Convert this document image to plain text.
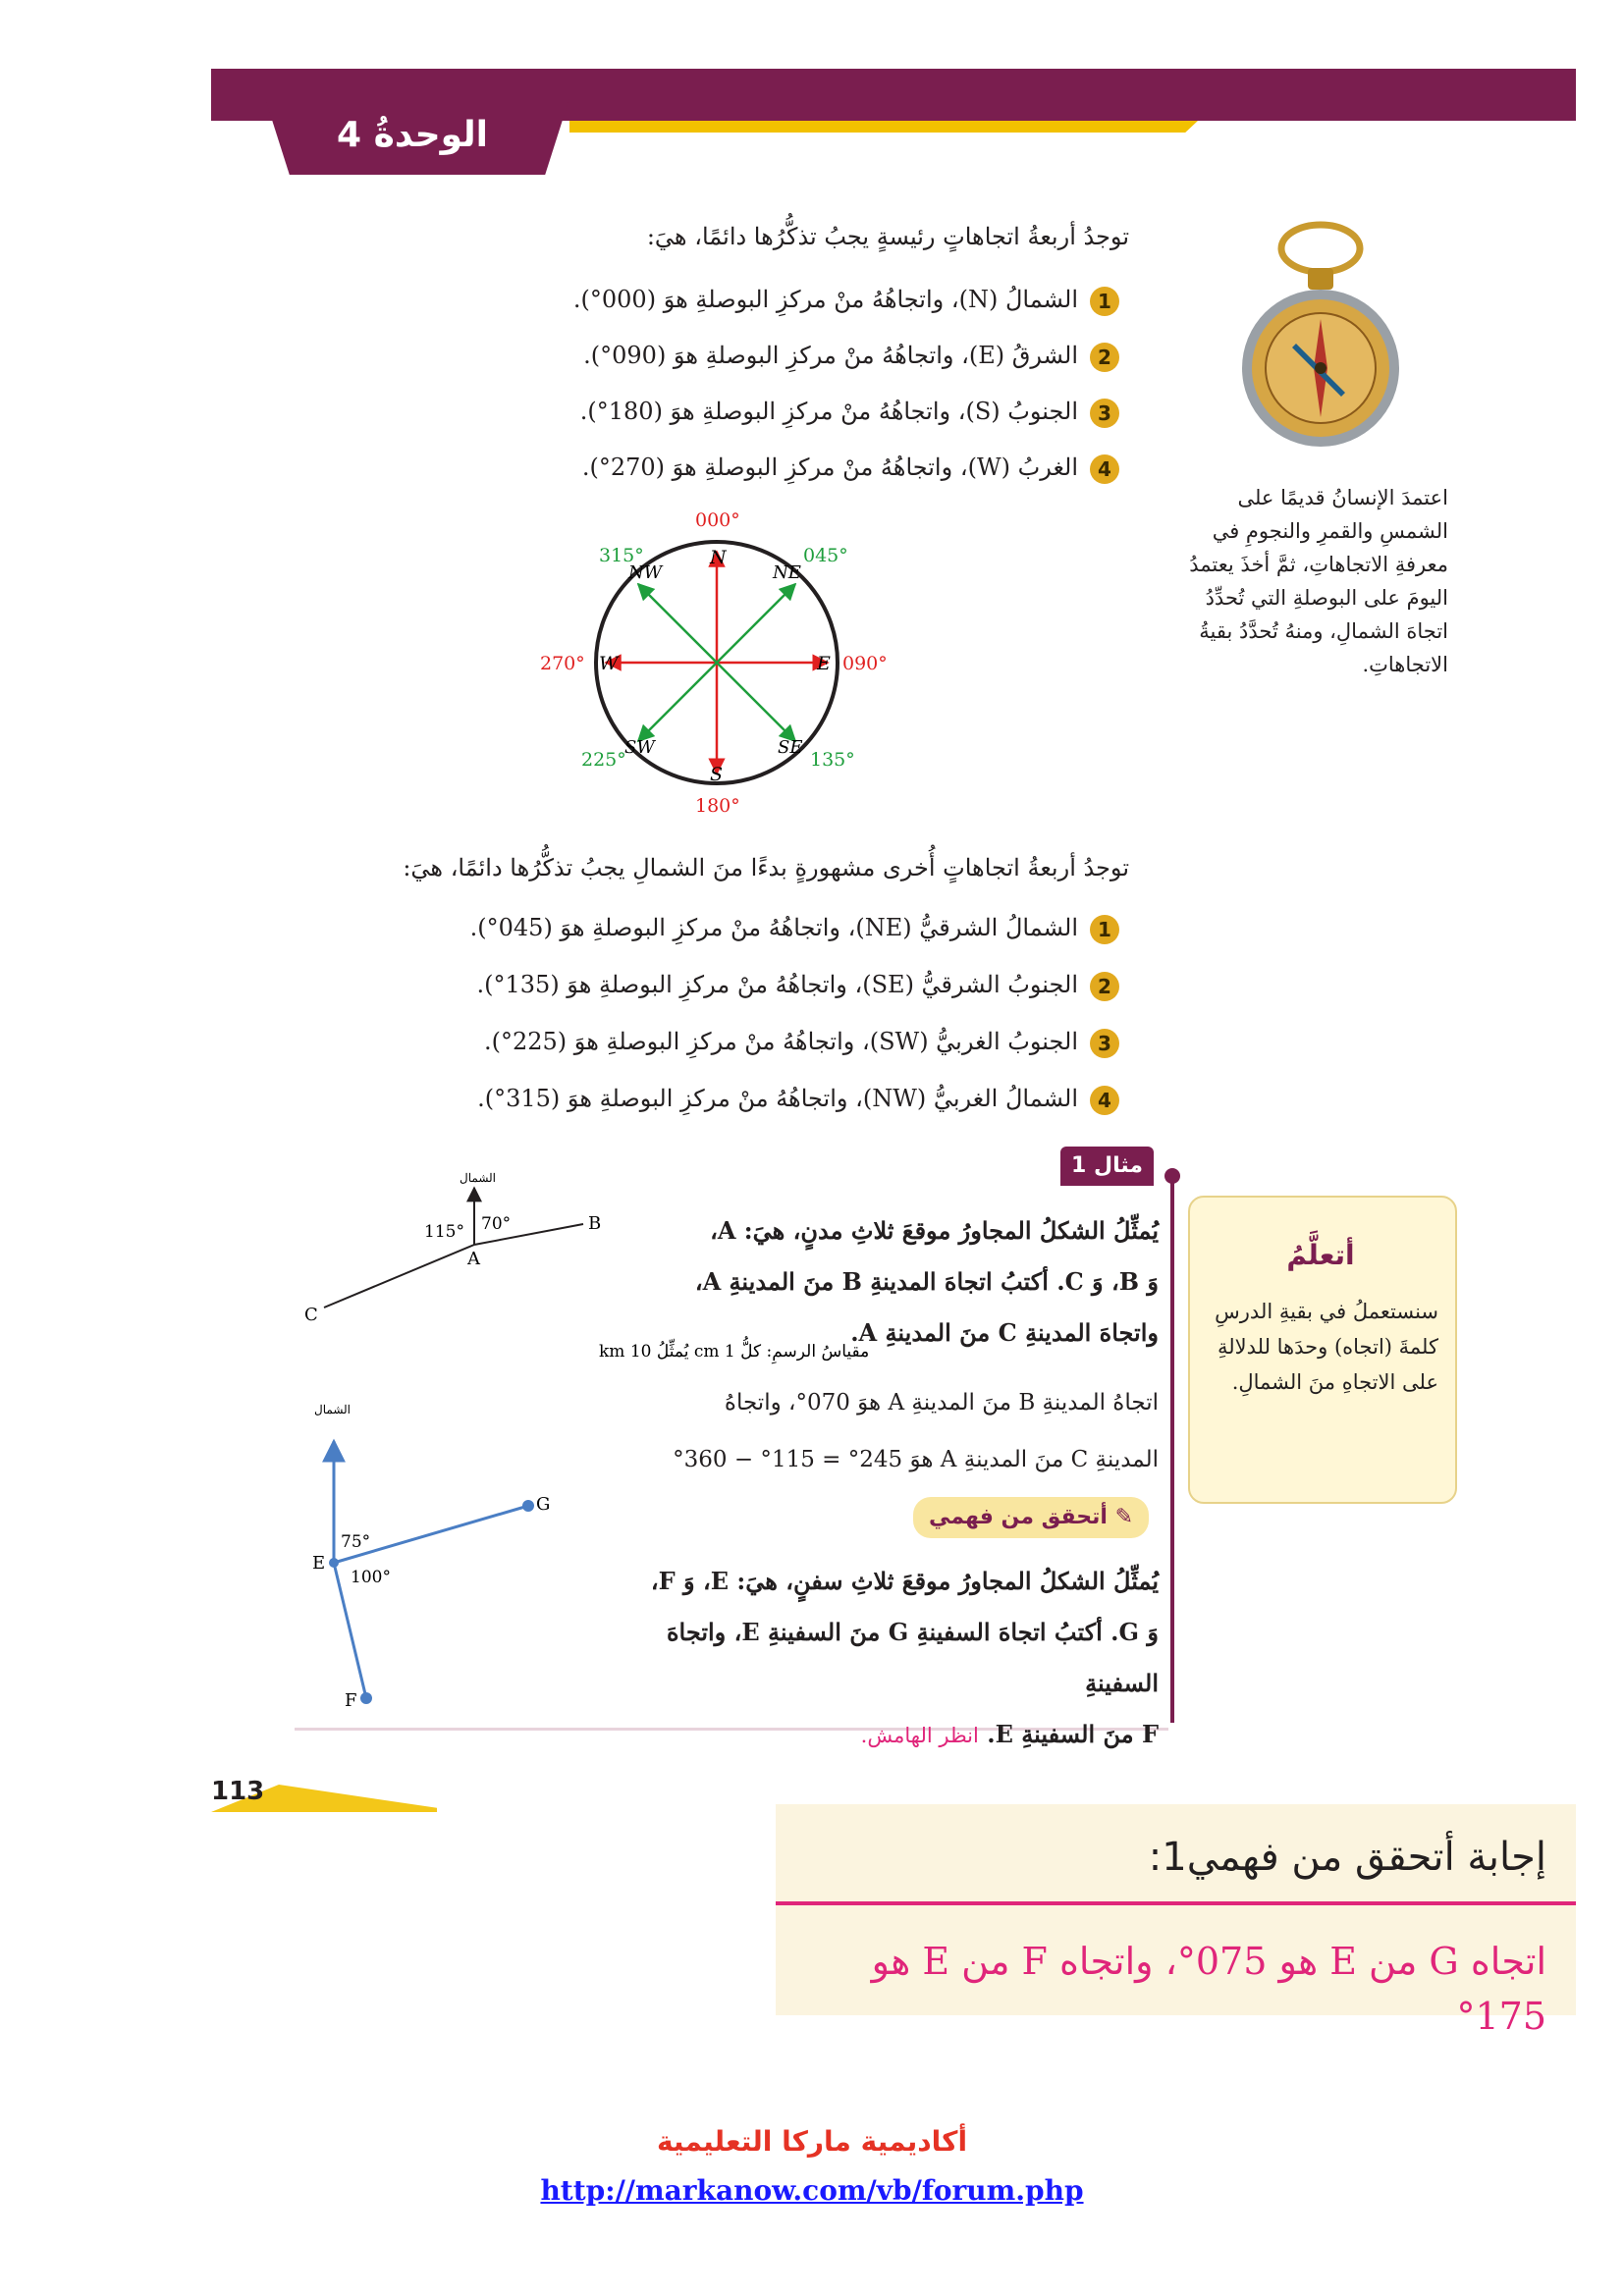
الوحدةُ 4
توجدُ أربعةُ اتجاهاتٍ رئيسةٍ يجبُ تذكُّرُها دائمًا، هيَ:
1الشمالُ (N)، واتجاهُهُ منْ مركزِ البوصلةِ هوَ (000°).
2الشرقُ (E)، واتجاهُهُ منْ مركزِ البوصلةِ هوَ (090°).
3الجنوبُ (S)، واتجاهُهُ منْ مركزِ البوصلةِ هوَ (180°).
4الغربُ (W)، واتجاهُهُ منْ مركزِ البوصلةِ هوَ (270°).
اعتمدَ الإنسانُ قديمًا على الشمسِ والقمرِ والنجومِ في معرفةِ الاتجاهاتِ، ثمَّ أخذَ يعتمدُ اليومَ على البوصلةِ التي تُحدِّدُ اتجاهَ الشمالِ، ومنهُ تُحدَّدُ بقيةُ الاتجاهاتِ.
N
S
E
W
NE
SE
SW
NW
000°
180°
090°
270°
045°
135°
225°
315°
توجدُ أربعةُ اتجاهاتٍ أُخرى مشهورةٍ بدءًا منَ الشمالِ يجبُ تذكُّرُها دائمًا، هيَ:
1الشمالُ الشرقيُّ (NE)، واتجاهُهُ منْ مركزِ البوصلةِ هوَ (045°).
2الجنوبُ الشرقيُّ (SE)، واتجاهُهُ منْ مركزِ البوصلةِ هوَ (135°).
3الجنوبُ الغربيُّ (SW)، واتجاهُهُ منْ مركزِ البوصلةِ هوَ (225°).
4الشمالُ الغربيُّ (NW)، واتجاهُهُ منْ مركزِ البوصلةِ هوَ (315°).
مثال 1
يُمثِّلُ الشكلُ المجاورُ موقعَ ثلاثِ مدنٍ، هيَ: A،
وَ B، وَ C. أكتبُ اتجاهَ المدينةِ B منَ المدينةِ A،
واتجاهَ المدينةِ C منَ المدينةِ A.
اتجاهُ المدينةِ B منَ المدينةِ A هوَ 070°، واتجاهُ
المدينةِ C منَ المدينةِ A هوَ 245° = 115° − 360°
الشمال
115° 70°
A
B
C
مقياسُ الرسمِ: كلُّ 1 cm يُمثِّلُ 10 km
✎ أتحقق من فهمي
يُمثِّلُ الشكلُ المجاورُ موقعَ ثلاثِ سفنٍ، هيَ: E، وَ F،
وَ G. أكتبُ اتجاهَ السفينةِ G منَ السفينةِ E، واتجاهَ السفينةِ
F منَ السفينةِ E. انظر الهامش.
الشمال
75°
100°
E
G
F
أتعلَّمُ
سنستعملُ في بقيةِ الدرسِ كلمةَ (اتجاه) وحدَها للدلالةِ على الاتجاهِ منَ الشمالِ.
113
إجابة أتحقق من فهمي1:
اتجاه G من E هو 075°، واتجاه F من E هو 175°
أكاديمية ماركا التعليمية
http://markanow.com/vb/forum.php
